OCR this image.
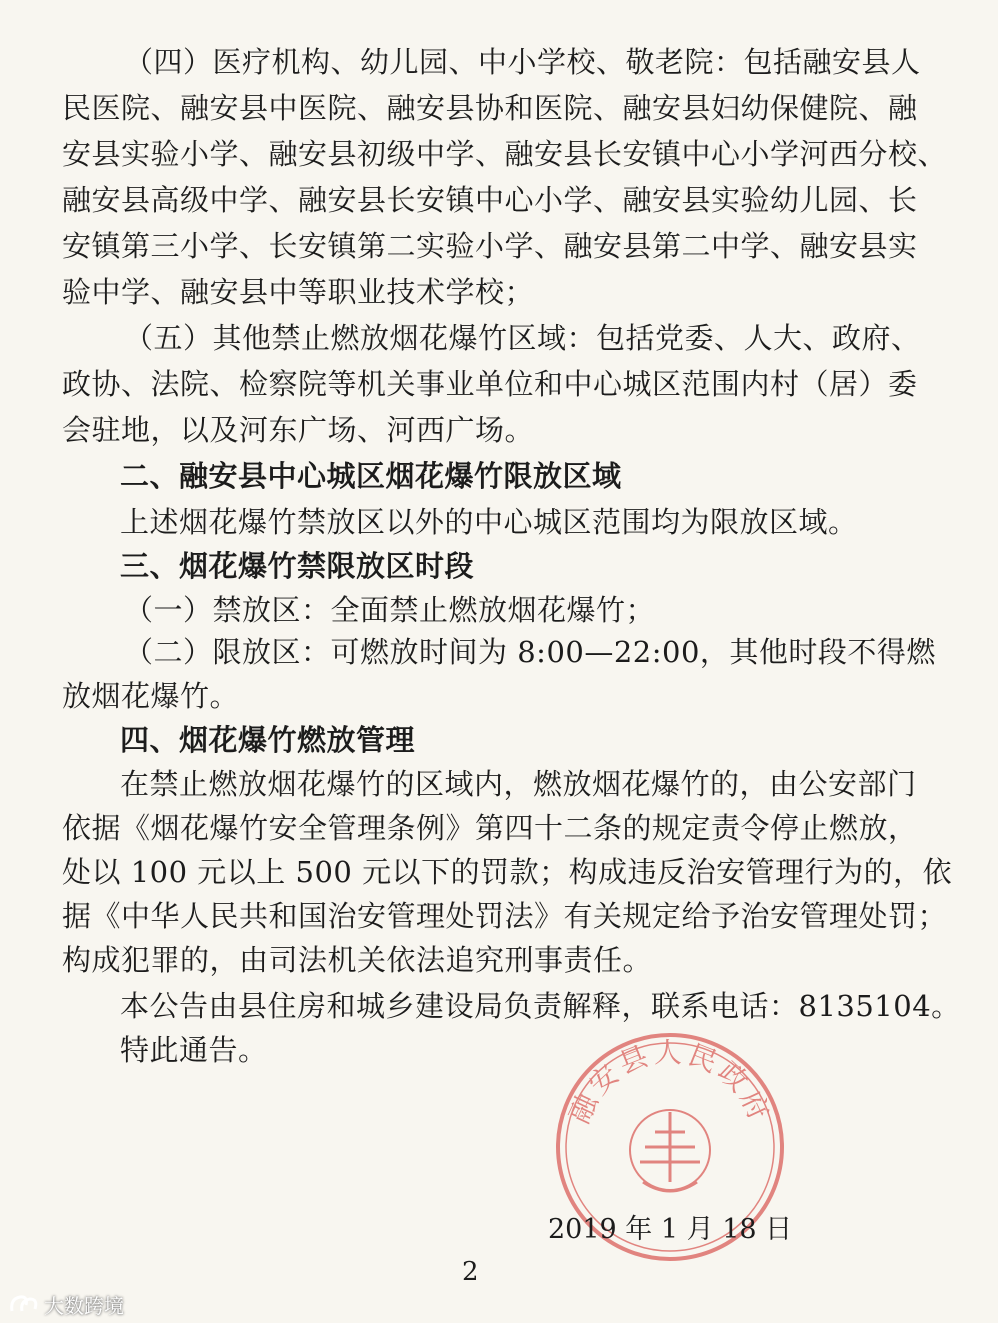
（四）医疗机构、幼儿园、中小学校、敬老院：包括融安县人
民医院、融安县中医院、融安县协和医院、融安县妇幼保健院、融
安县实验小学、融安县初级中学、融安县长安镇中心小学河西分校、
融安县高级中学、融安县长安镇中心小学、融安县实验幼儿园、长
安镇第三小学、长安镇第二实验小学、融安县第二中学、融安县实
验中学、融安县中等职业技术学校；
（五）其他禁止燃放烟花爆竹区域：包括党委、人大、政府、
政协、法院、检察院等机关事业单位和中心城区范围内村（居）委
会驻地，以及河东广场、河西广场。
二、融安县中心城区烟花爆竹限放区域
上述烟花爆竹禁放区以外的中心城区范围均为限放区域。
三、烟花爆竹禁限放区时段
（一）禁放区：全面禁止燃放烟花爆竹；
（二）限放区：可燃放时间为 8:00—22:00，其他时段不得燃
放烟花爆竹。
四、烟花爆竹燃放管理
在禁止燃放烟花爆竹的区域内，燃放烟花爆竹的，由公安部门
依据《烟花爆竹安全管理条例》第四十二条的规定责令停止燃放，
处以 100 元以上 500 元以下的罚款；构成违反治安管理行为的，依
据《中华人民共和国治安管理处罚法》有关规定给予治安管理处罚；
构成犯罪的，由司法机关依法追究刑事责任。
本公告由县住房和城乡建设局负责解释，联系电话：8135104。
特此通告。
融安县人民政府
2019 年 1 月 18 日
2
大数跨境
